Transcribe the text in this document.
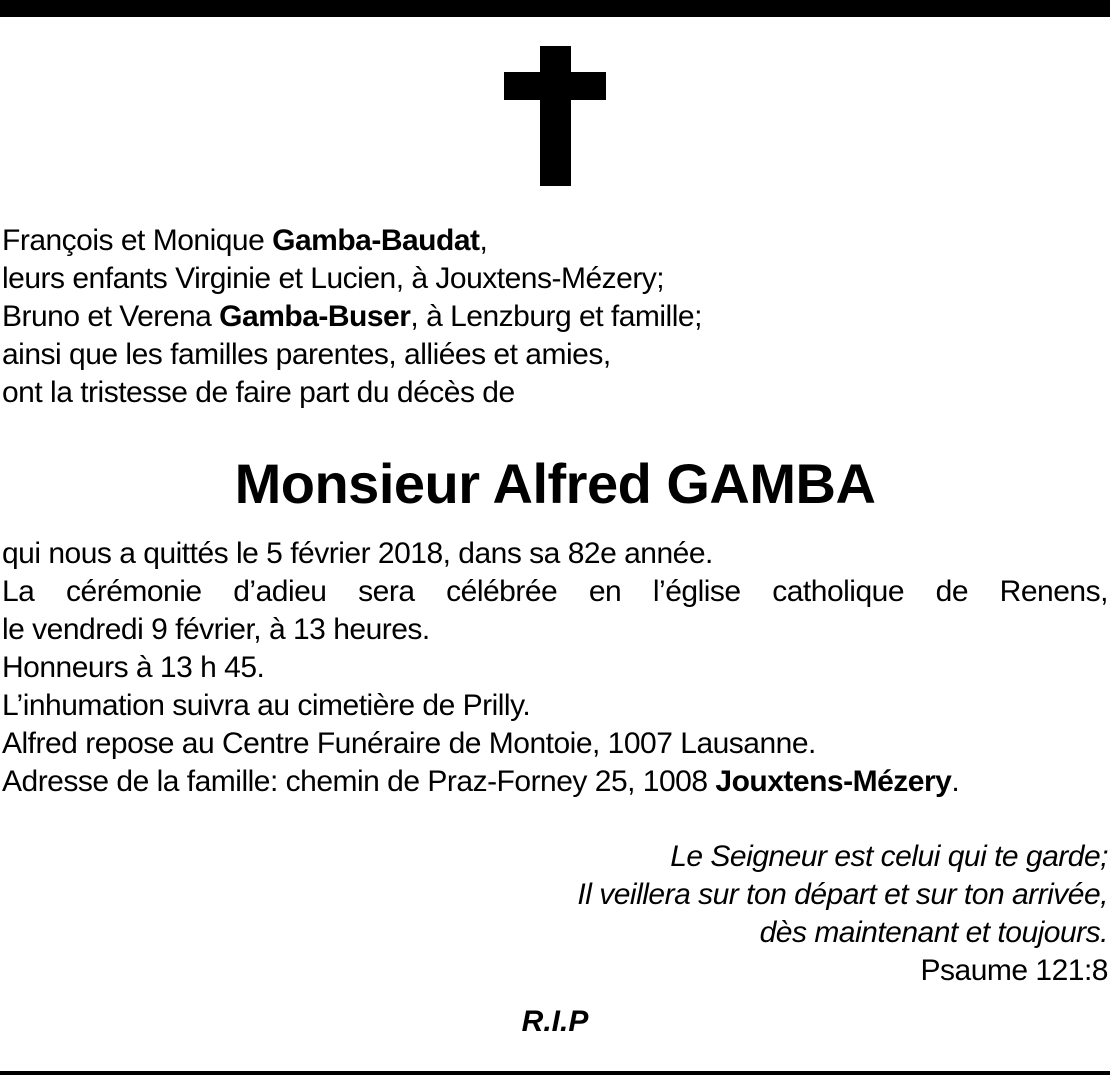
François et Monique Gamba-Baudat,
leurs enfants Virginie et Lucien, à Jouxtens-Mézery;
Bruno et Verena Gamba-Buser, à Lenzburg et famille;
ainsi que les familles parentes, alliées et amies,
ont la tristesse de faire part du décès de
Monsieur Alfred GAMBA
qui nous a quittés le 5 février 2018, dans sa 82e année.
La cérémonie d’adieu sera célébrée en l’église catholique de Renens,
le vendredi 9 février, à 13 heures.
Honneurs à 13 h 45.
L’inhumation suivra au cimetière de Prilly.
Alfred repose au Centre Funéraire de Montoie, 1007 Lausanne.
Adresse de la famille: chemin de Praz-Forney 25, 1008 Jouxtens-Mézery.
Le Seigneur est celui qui te garde;
Il veillera sur ton départ et sur ton arrivée,
dès maintenant et toujours.
Psaume 121:8
R.I.P
